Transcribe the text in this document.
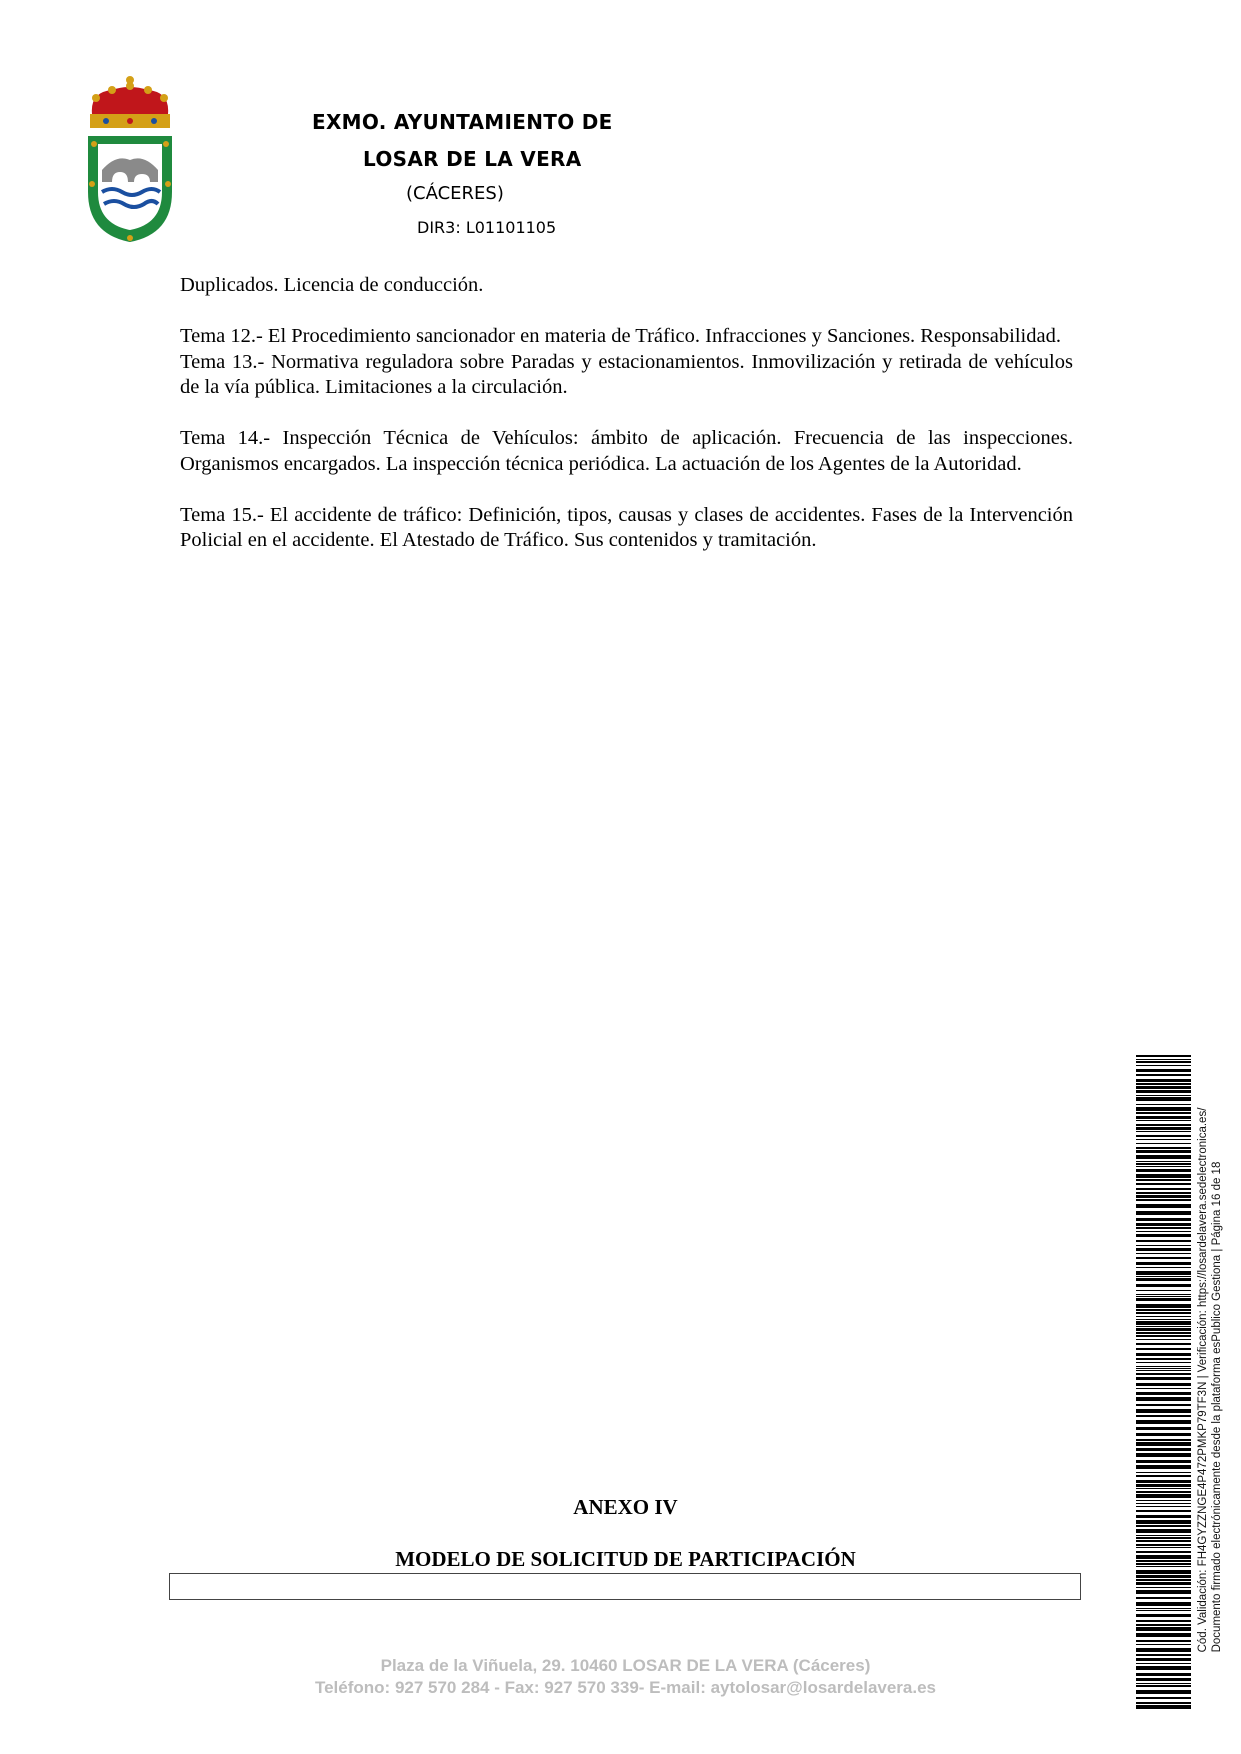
EXMO. AYUNTAMIENTO DE
LOSAR DE LA VERA
(CÁCERES)
DIR3: L01101105

Duplicados. Licencia de conducción.

Tema 12.- El Procedimiento sancionador en materia de Tráfico. Infracciones y Sanciones. Responsabilidad.

Tema 13.- Normativa reguladora sobre Paradas y estacionamientos. Inmovilización y retirada de vehículos de la vía pública. Limitaciones a la circulación.

Tema 14.- Inspección Técnica de Vehículos: ámbito de aplicación. Frecuencia de las inspecciones. Organismos encargados. La inspección técnica periódica. La actuación de los Agentes de la Autoridad.

Tema 15.- El accidente de tráfico: Definición, tipos, causas y clases de accidentes. Fases de la Intervención Policial en el accidente. El Atestado de Tráfico. Sus contenidos y tramitación.

ANEXO IV
MODELO DE SOLICITUD DE PARTICIPACIÓN
Plaza de la Viñuela, 29. 10460 LOSAR DE LA VERA (Cáceres)
Teléfono: 927 570 284 - Fax: 927 570 339- E-mail: aytolosar@losardelavera.es
Cód. Validación: FH4GYZZNGE4P472PMKP79TF3N | Verificación: https://losardelavera.sedelectronica.es/ Documento firmado electrónicamente desde la plataforma esPublico Gestiona | Página 16 de 18
